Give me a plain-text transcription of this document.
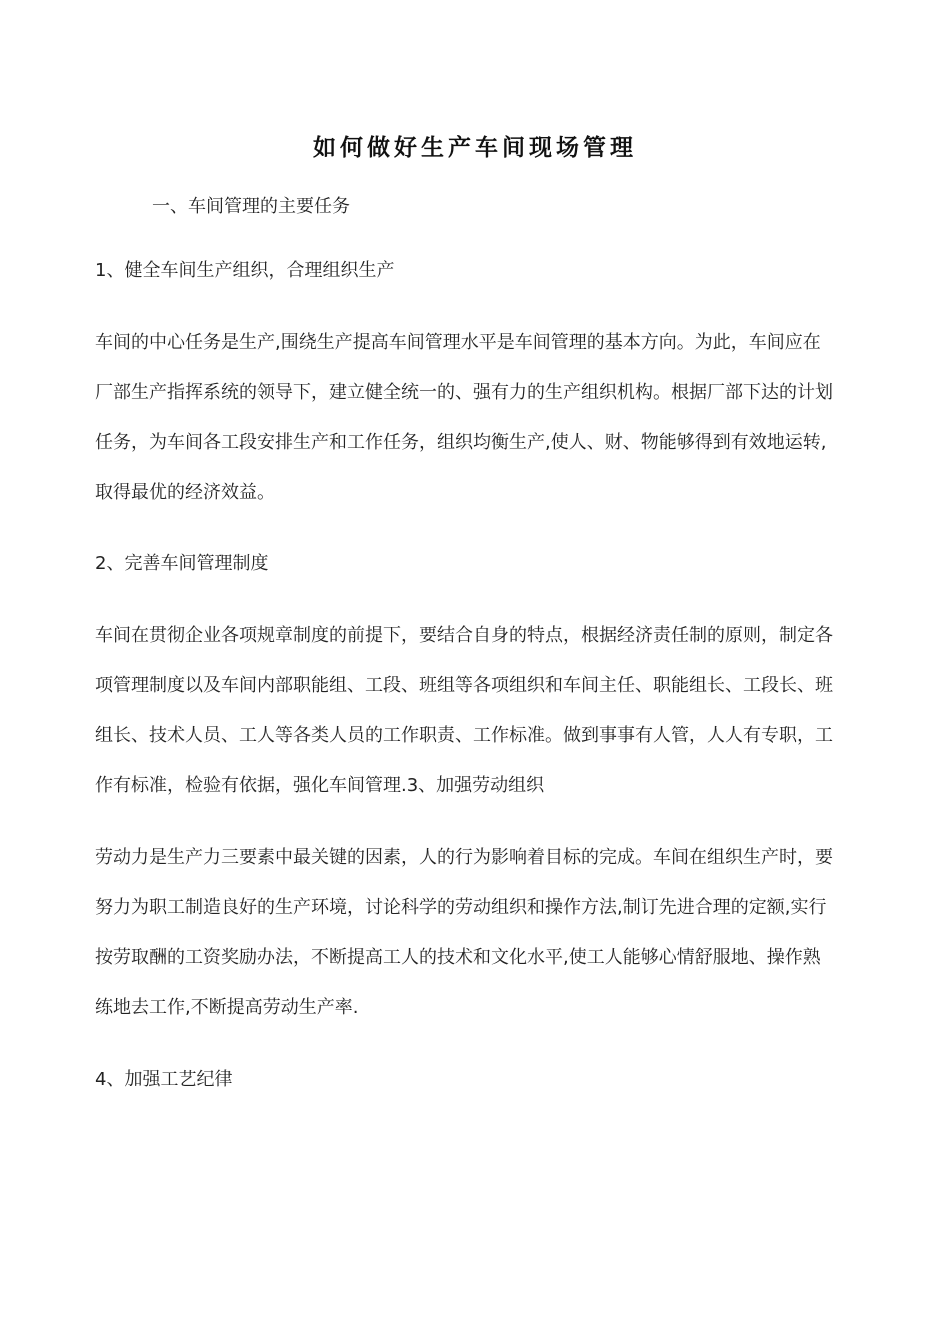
如何做好生产车间现场管理
一、车间管理的主要任务
1、健全车间生产组织，合理组织生产
车间的中心任务是生产,围绕生产提高车间管理水平是车间管理的基本方向。为此，车间应在
厂部生产指挥系统的领导下，建立健全统一的、强有力的生产组织机构。根据厂部下达的计划
任务，为车间各工段安排生产和工作任务，组织均衡生产,使人、财、物能够得到有效地运转,
取得最优的经济效益。
2、完善车间管理制度
车间在贯彻企业各项规章制度的前提下，要结合自身的特点，根据经济责任制的原则，制定各
项管理制度以及车间内部职能组、工段、班组等各项组织和车间主任、职能组长、工段长、班
组长、技术人员、工人等各类人员的工作职责、工作标准。做到事事有人管，人人有专职，工
作有标准，检验有依据，强化车间管理.3、加强劳动组织
劳动力是生产力三要素中最关键的因素，人的行为影响着目标的完成。车间在组织生产时，要
努力为职工制造良好的生产环境，讨论科学的劳动组织和操作方法,制订先进合理的定额,实行
按劳取酬的工资奖励办法，不断提高工人的技术和文化水平,使工人能够心情舒服地、操作熟
练地去工作,不断提高劳动生产率.
4、加强工艺纪律
